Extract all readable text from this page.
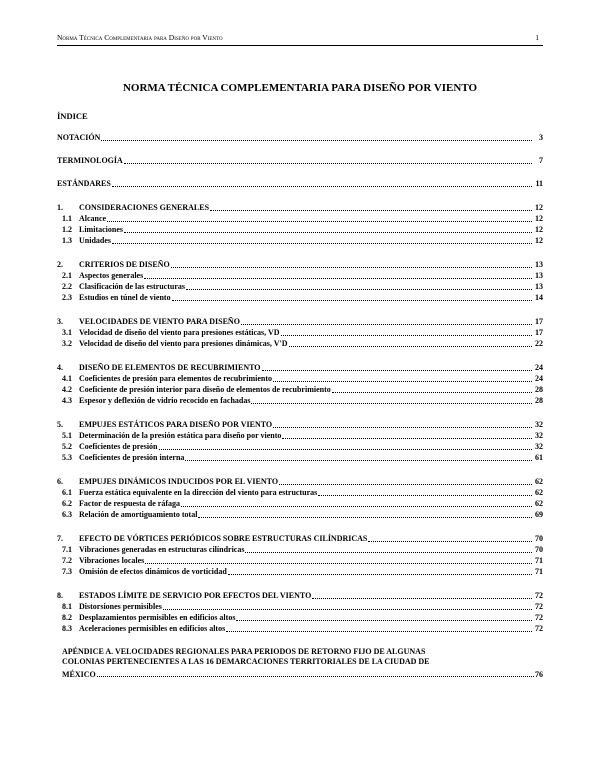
Norma Técnica Complementaria para Diseño por Viento	1
NORMA TÉCNICA COMPLEMENTARIA PARA DISEÑO POR VIENTO
ÍNDICE
NOTACIÓN	3
TERMINOLOGÍA	7
ESTÁNDARES	11
1.	CONSIDERACIONES GENERALES	12
1.1 Alcance	12
1.2 Limitaciones	12
1.3 Unidades	12
2.	CRITERIOS DE DISEÑO	13
2.1 Aspectos generales	13
2.2 Clasificación de las estructuras	13
2.3 Estudios en túnel de viento	14
3.	VELOCIDADES DE VIENTO PARA DISEÑO	17
3.1 Velocidad de diseño del viento para presiones estáticas, VD	17
3.2 Velocidad de diseño del viento para presiones dinámicas, V'D	22
4.	DISEÑO DE ELEMENTOS DE RECUBRIMIENTO	24
4.1 Coeficientes de presión para elementos de recubrimiento	24
4.2 Coeficiente de presión interior para diseño de elementos de recubrimiento	28
4.3 Espesor y deflexión de vidrio recocido en fachadas	28
5.	EMPUJES ESTÁTICOS PARA DISEÑO POR VIENTO	32
5.1 Determinación de la presión estática para diseño por viento	32
5.2 Coeficientes de presión	32
5.3 Coeficientes de presión interna	61
6.	EMPUJES DINÁMICOS INDUCIDOS POR EL VIENTO	62
6.1 Fuerza estática equivalente en la dirección del viento para estructuras	62
6.2 Factor de respuesta de ráfaga	62
6.3 Relación de amortiguamiento total	69
7.	EFECTO DE VÓRTICES PERIÓDICOS SOBRE ESTRUCTURAS CILÍNDRICAS	70
7.1 Vibraciones generadas en estructuras cilíndricas	70
7.2 Vibraciones locales	71
7.3 Omisión de efectos dinámicos de vorticidad	71
8.	ESTADOS LÍMITE DE SERVICIO POR EFECTOS DEL VIENTO	72
8.1 Distorsiones permisibles	72
8.2 Desplazamientos permisibles en edificios altos	72
8.3 Aceleraciones permisibles en edificios altos	72
APÉNDICE A. VELOCIDADES REGIONALES PARA PERIODOS DE RETORNO FIJO DE ALGUNAS
COLONIAS PERTENECIENTES A LAS 16 DEMARCACIONES TERRITORIALES DE LA CIUDAD DE
MÉXICO	76
